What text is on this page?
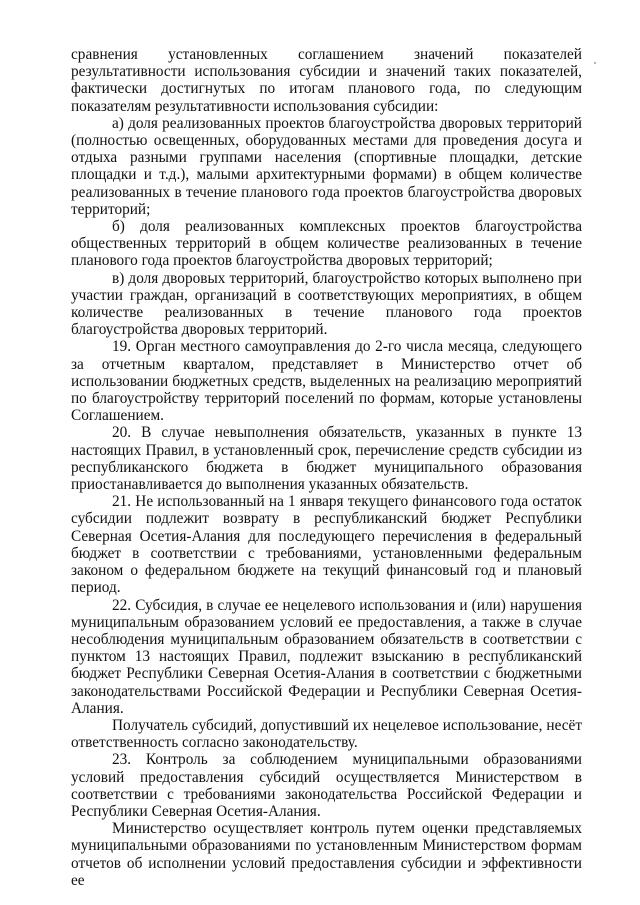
сравнения установленных соглашением значений показателей результативности использования субсидии и значений таких показателей, фактически достигнутых по итогам планового года, по следующим показателям результативности использования субсидии:

а) доля реализованных проектов благоустройства дворовых территорий (полностью освещенных, оборудованных местами для проведения досуга и отдыха разными группами населения (спортивные площадки, детские площадки и т.д.), малыми архитектурными формами) в общем количестве реализованных в течение планового года проектов благоустройства дворовых территорий;

б) доля реализованных комплексных проектов благоустройства общественных территорий в общем количестве реализованных в течение планового года проектов благоустройства дворовых территорий;

в) доля дворовых территорий, благоустройство которых выполнено при участии граждан, организаций в соответствующих мероприятиях, в общем количестве реализованных в течение планового года проектов благоустройства дворовых территорий.

19. Орган местного самоуправления до 2-го числа месяца, следующего за отчетным кварталом, представляет в Министерство отчет об использовании бюджетных средств, выделенных на реализацию мероприятий по благоустройству территорий поселений по формам, которые установлены Соглашением.

20. В случае невыполнения обязательств, указанных в пункте 13 настоящих Правил, в установленный срок, перечисление средств субсидии из республиканского бюджета в бюджет муниципального образования приостанавливается до выполнения указанных обязательств.

21. Не использованный на 1 января текущего финансового года остаток субсидии подлежит возврату в республиканский бюджет Республики Северная Осетия-Алания для последующего перечисления в федеральный бюджет в соответствии с требованиями, установленными федеральным законом о федеральном бюджете на текущий финансовый год и плановый период.

22. Субсидия, в случае ее нецелевого использования и (или) нарушения муниципальным образованием условий ее предоставления, а также в случае несоблюдения муниципальным образованием обязательств в соответствии с пунктом 13 настоящих Правил, подлежит взысканию в республиканский бюджет Республики Северная Осетия-Алания в соответствии с бюджетными законодательствами Российской Федерации и Республики Северная Осетия-Алания.

Получатель субсидий, допустивший их нецелевое использование, несёт ответственность согласно законодательству.

23. Контроль за соблюдением муниципальными образованиями условий предоставления субсидий осуществляется Министерством в соответствии с требованиями законодательства Российской Федерации и Республики Северная Осетия-Алания.

Министерство осуществляет контроль путем оценки представляемых муниципальными образованиями по установленным Министерством формам отчетов об исполнении условий предоставления субсидии и эффективности ее
